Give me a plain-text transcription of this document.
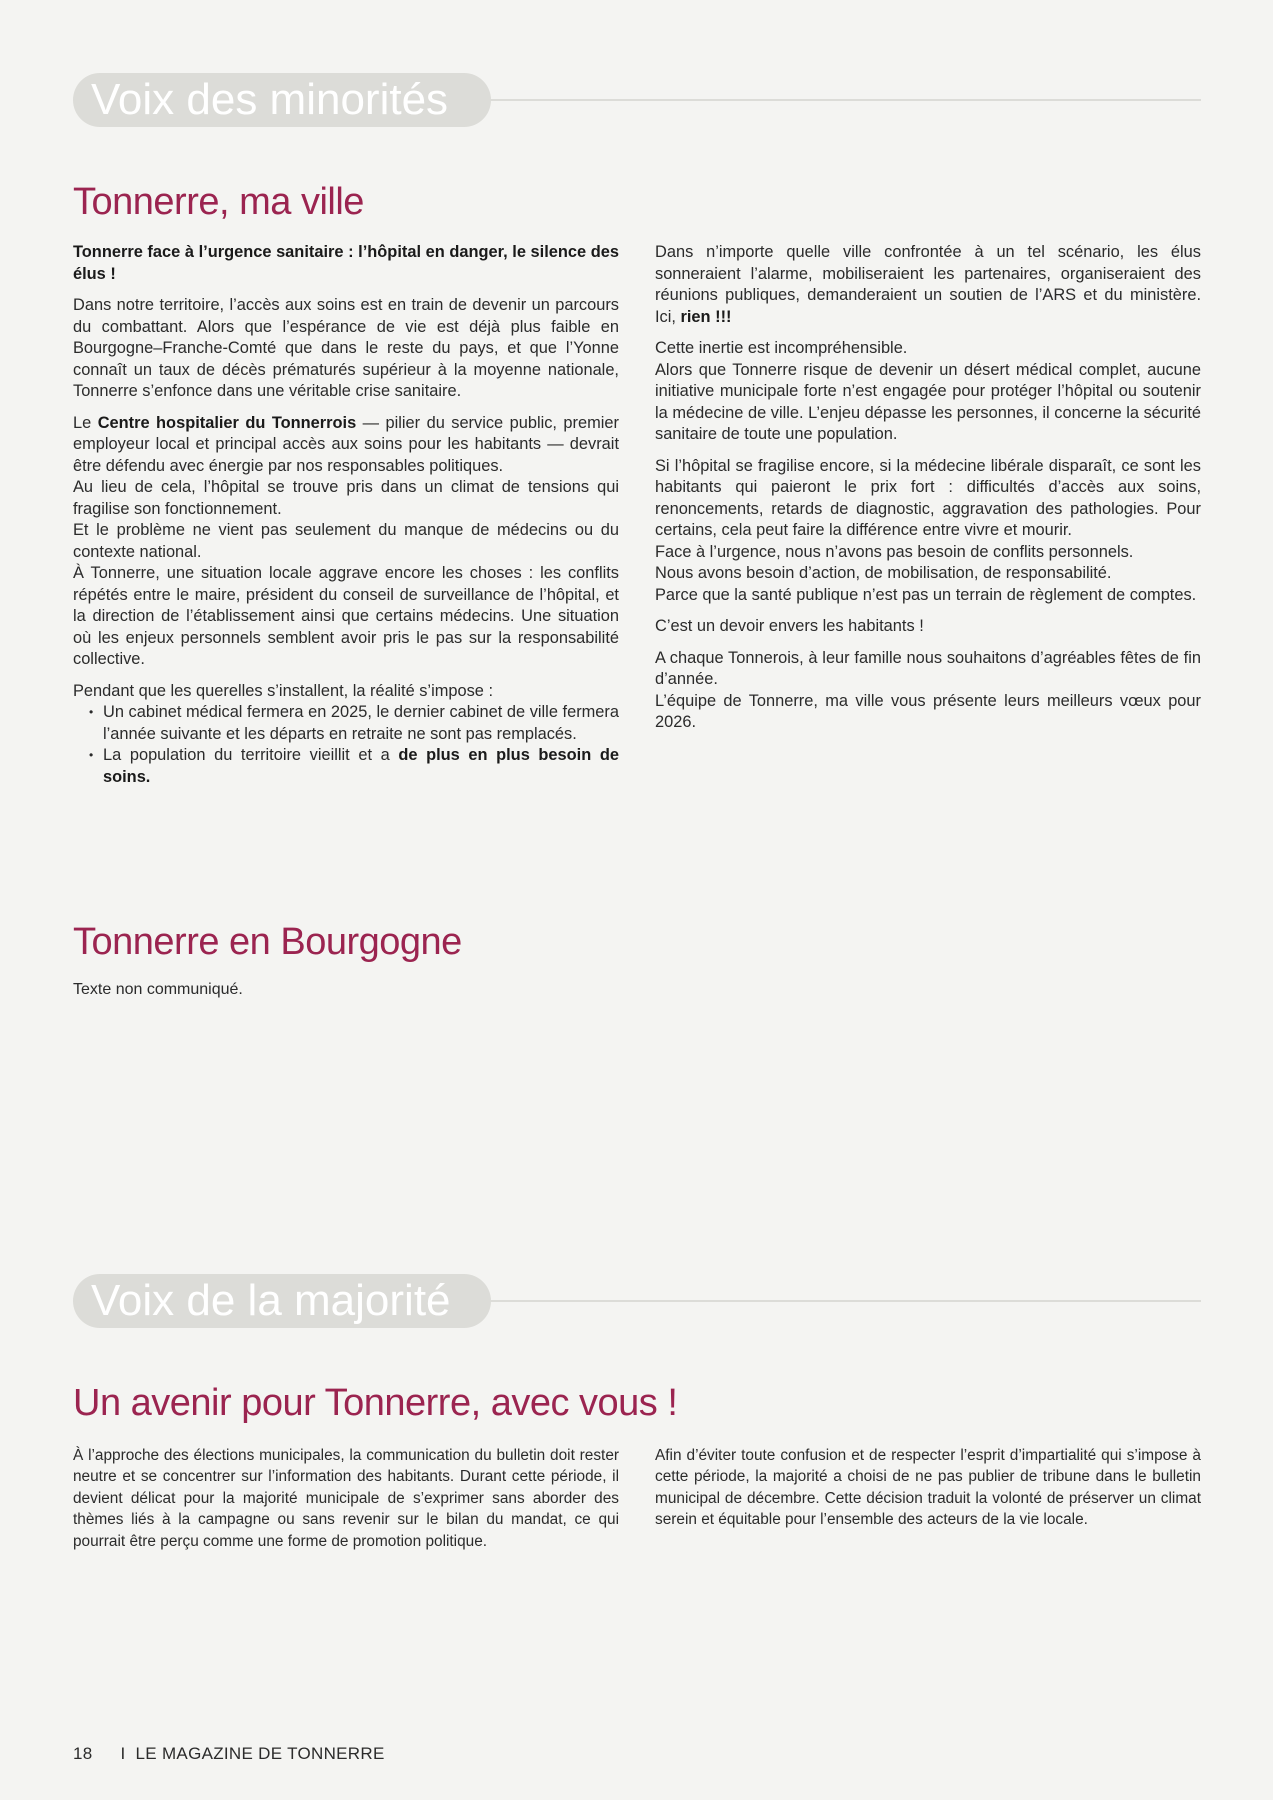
Voix des minorités
Tonnerre, ma ville

Tonnerre face à l’urgence sanitaire : l’hôpital en danger, le silence des élus !

Dans notre territoire, l’accès aux soins est en train de devenir un parcours du combattant. Alors que l’espérance de vie est déjà plus faible en Bourgogne–Franche-Comté que dans le reste du pays, et que l’Yonne connaît un taux de décès prématurés supérieur à la moyenne nationale, Tonnerre s’enfonce dans une véritable crise sanitaire.

Le Centre hospitalier du Tonnerrois — pilier du service public, premier employeur local et principal accès aux soins pour les habitants — devrait être défendu avec énergie par nos responsables politiques.

Au lieu de cela, l’hôpital se trouve pris dans un climat de tensions qui fragilise son fonctionnement.

Et le problème ne vient pas seulement du manque de médecins ou du contexte national.

À Tonnerre, une situation locale aggrave encore les choses : les conflits répétés entre le maire, président du conseil de surveillance de l’hôpital, et la direction de l’établissement ainsi que certains médecins. Une situation où les enjeux personnels semblent avoir pris le pas sur la responsabilité collective.

Pendant que les querelles s’installent, la réalité s’impose :

• Un cabinet médical fermera en 2025, le dernier cabinet de ville fermera l’année suivante et les départs en retraite ne sont pas remplacés.
• La population du territoire vieillit et a de plus en plus besoin de soins.

Dans n’importe quelle ville confrontée à un tel scénario, les élus sonneraient l’alarme, mobiliseraient les partenaires, organiseraient des réunions publiques, demanderaient un soutien de l’ARS et du ministère. Ici, rien !!!

Cette inertie est incompréhensible.

Alors que Tonnerre risque de devenir un désert médical complet, aucune initiative municipale forte n’est engagée pour protéger l’hôpital ou soutenir la médecine de ville. L’enjeu dépasse les personnes, il concerne la sécurité sanitaire de toute une population.

Si l’hôpital se fragilise encore, si la médecine libérale disparaît, ce sont les habitants qui paieront le prix fort : difficultés d’accès aux soins, renoncements, retards de diagnostic, aggravation des pathologies. Pour certains, cela peut faire la différence entre vivre et mourir.

Face à l’urgence, nous n’avons pas besoin de conflits personnels.

Nous avons besoin d’action, de mobilisation, de responsabilité.

Parce que la santé publique n’est pas un terrain de règlement de comptes.

C’est un devoir envers les habitants !

A chaque Tonnerois, à leur famille nous souhaitons d’agréables fêtes de fin d’année.

L’équipe de Tonnerre, ma ville vous présente leurs meilleurs vœux pour 2026.

Tonnerre en Bourgogne
Texte non communiqué.
Voix de la majorité
Un avenir pour Tonnerre, avec vous !

À l’approche des élections municipales, la communication du bulletin doit rester neutre et se concentrer sur l’information des habitants. Durant cette période, il devient délicat pour la majorité municipale de s’exprimer sans aborder des thèmes liés à la campagne ou sans revenir sur le bilan du mandat, ce qui pourrait être perçu comme une forme de promotion politique.

Afin d’éviter toute confusion et de respecter l’esprit d’impartialité qui s’impose à cette période, la majorité a choisi de ne pas publier de tribune dans le bulletin municipal de décembre. Cette décision traduit la volonté de préserver un climat serein et équitable pour l’ensemble des acteurs de la vie locale.

18 I LE MAGAZINE DE TONNERRE
